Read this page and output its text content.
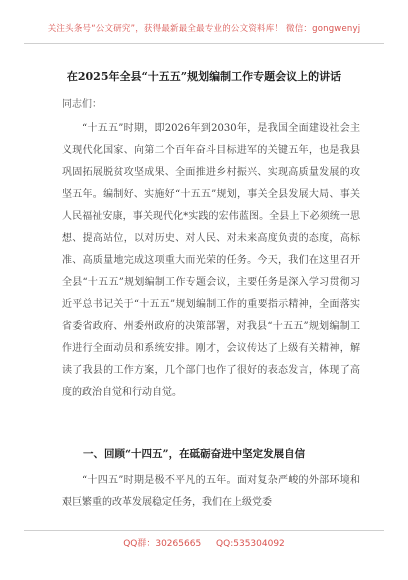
关注头条号“公文研究”，获得最新最全最专业的公文资料库！ 微信：gongwenyj
在2025年全县“十五五”规划编制工作专题会议上的讲话
同志们：

“十五五”时期，即2026年到2030年，是我国全面建设社会主义现代化国家、向第二个百年奋斗目标进军的关键五年，也是我县巩固拓展脱贫攻坚成果、全面推进乡村振兴、实现高质量发展的攻坚五年。编制好、实施好“十五五”规划，事关全县发展大局、事关人民福祉安康，事关现代化*实践的宏伟蓝图。全县上下必须统一思想、提高站位，以对历史、对人民、对未来高度负责的态度，高标准、高质量地完成这项重大而光荣的任务。今天，我们在这里召开全县“十五五”规划编制工作专题会议，主要任务是深入学习贯彻习近平总书记关于“十五五”规划编制工作的重要指示精神，全面落实省委省政府、州委州政府的决策部署，对我县“十五五”规划编制工作进行全面动员和系统安排。刚才，会议传达了上级有关精神，解读了我县的工作方案，几个部门也作了很好的表态发言，体现了高度的政治自觉和行动自觉。

一、回顾“十四五”，在砥砺奋进中坚定发展自信

“十四五”时期是极不平凡的五年。面对复杂严峻的外部环境和艰巨繁重的改革发展稳定任务，我们在上级党委

QQ群：30265665 QQ:535304092
